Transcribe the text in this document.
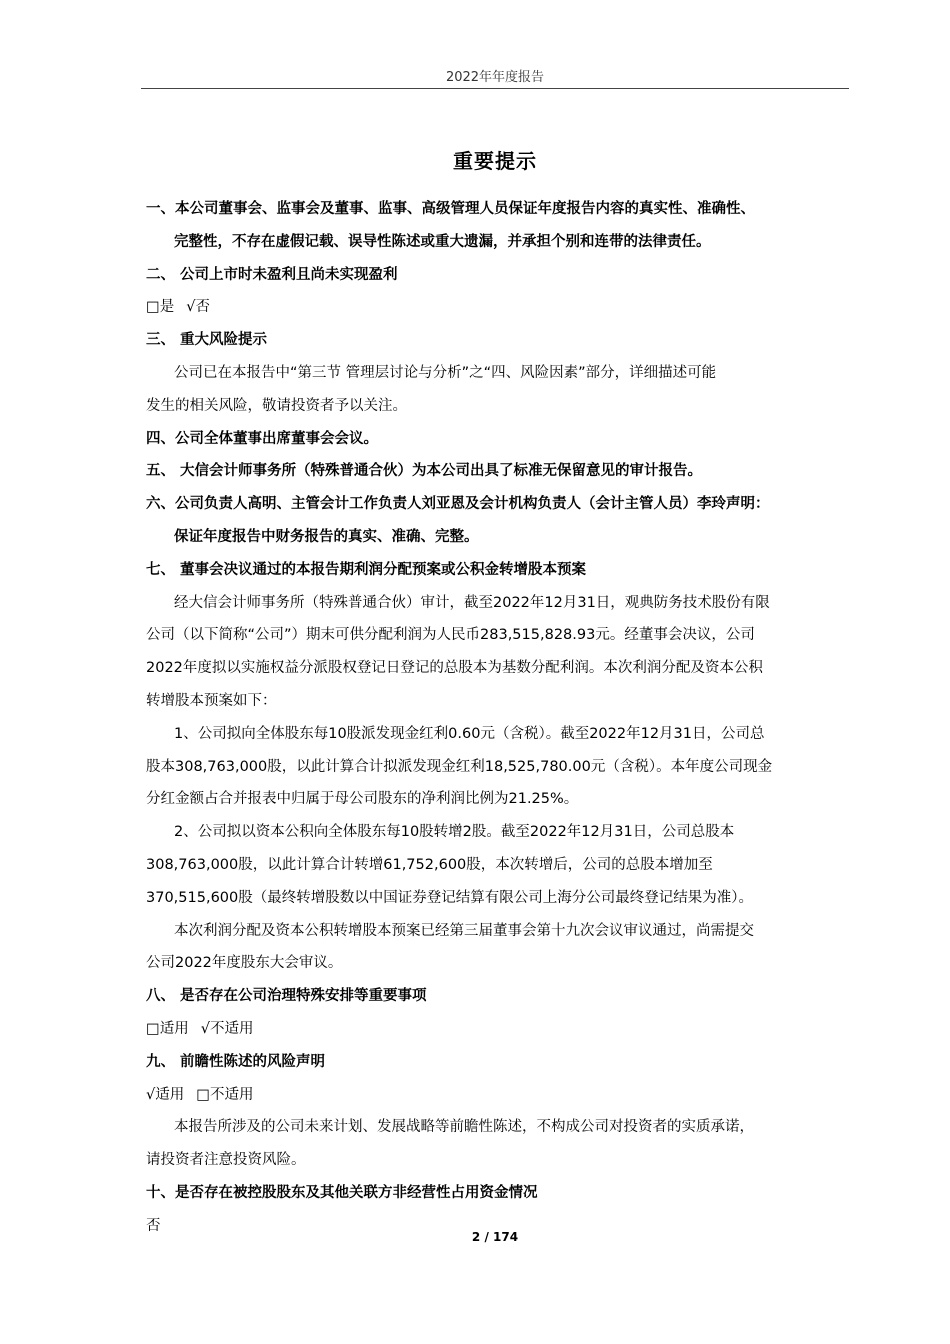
2022年年度报告
重要提示
一、本公司董事会、监事会及董事、监事、高级管理人员保证年度报告内容的真实性、准确性、
完整性，不存在虚假记载、误导性陈述或重大遗漏，并承担个别和连带的法律责任。
二、 公司上市时未盈利且尚未实现盈利
□是 √否
三、 重大风险提示
公司已在本报告中“第三节 管理层讨论与分析”之“四、风险因素”部分，详细描述可能
发生的相关风险，敬请投资者予以关注。
四、公司全体董事出席董事会会议。
五、 大信会计师事务所（特殊普通合伙）为本公司出具了标准无保留意见的审计报告。
六、公司负责人高明、主管会计工作负责人刘亚恩及会计机构负责人（会计主管人员）李玲声明：
保证年度报告中财务报告的真实、准确、完整。
七、 董事会决议通过的本报告期利润分配预案或公积金转增股本预案
经大信会计师事务所（特殊普通合伙）审计，截至2022年12月31日，观典防务技术股份有限
公司（以下简称“公司”）期末可供分配利润为人民币283,515,828.93元。经董事会决议，公司
2022年度拟以实施权益分派股权登记日登记的总股本为基数分配利润。本次利润分配及资本公积
转增股本预案如下：
1、公司拟向全体股东每10股派发现金红利0.60元（含税）。截至2022年12月31日，公司总
股本308,763,000股，以此计算合计拟派发现金红利18,525,780.00元（含税）。本年度公司现金
分红金额占合并报表中归属于母公司股东的净利润比例为21.25%。
2、公司拟以资本公积向全体股东每10股转增2股。截至2022年12月31日，公司总股本
308,763,000股，以此计算合计转增61,752,600股，本次转增后，公司的总股本增加至
370,515,600股（最终转增股数以中国证券登记结算有限公司上海分公司最终登记结果为准）。
本次利润分配及资本公积转增股本预案已经第三届董事会第十九次会议审议通过，尚需提交
公司2022年度股东大会审议。
八、 是否存在公司治理特殊安排等重要事项
□适用 √不适用
九、 前瞻性陈述的风险声明
√适用 □不适用
本报告所涉及的公司未来计划、发展战略等前瞻性陈述，不构成公司对投资者的实质承诺，
请投资者注意投资风险。
十、是否存在被控股股东及其他关联方非经营性占用资金情况
否
2 / 174
